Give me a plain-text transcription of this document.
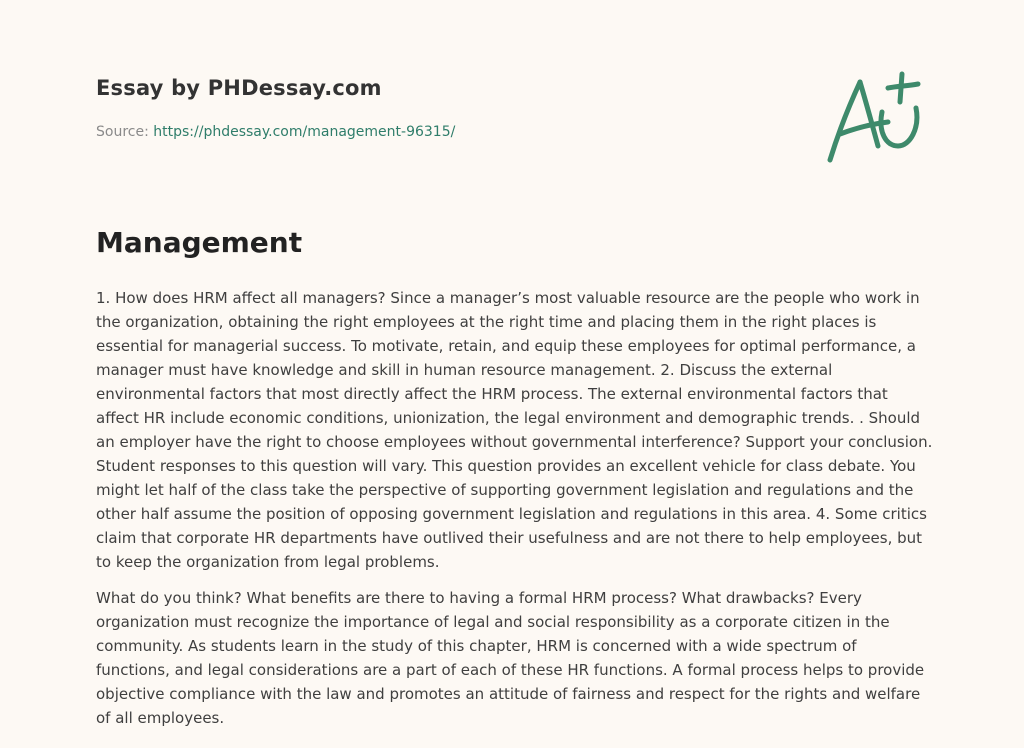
Essay by PHDessay.com

Source: https://phdessay.com/management-96315/

Management

1. How does HRM affect all managers? Since a manager’s most valuable resource are the people who work in the organization, obtaining the right employees at the right time and placing them in the right places is essential for managerial success. To motivate, retain, and equip these employees for optimal performance, a manager must have knowledge and skill in human resource management. 2. Discuss the external environmental factors that most directly affect the HRM process. The external environmental factors that affect HR include economic conditions, unionization, the legal environment and demographic trends. . Should an employer have the right to choose employees without governmental interference? Support your conclusion. Student responses to this question will vary. This question provides an excellent vehicle for class debate. You might let half of the class take the perspective of supporting government legislation and regulations and the other half assume the position of opposing government legislation and regulations in this area. 4. Some critics claim that corporate HR departments have outlived their usefulness and are not there to help employees, but to keep the organization from legal problems.

What do you think? What benefits are there to having a formal HRM process? What drawbacks? Every organization must recognize the importance of legal and social responsibility as a corporate citizen in the community. As students learn in the study of this chapter, HRM is concerned with a wide spectrum of functions, and legal considerations are a part of each of these HR functions. A formal process helps to provide objective compliance with the law and promotes an attitude of fairness and respect for the rights and welfare of all employees.
